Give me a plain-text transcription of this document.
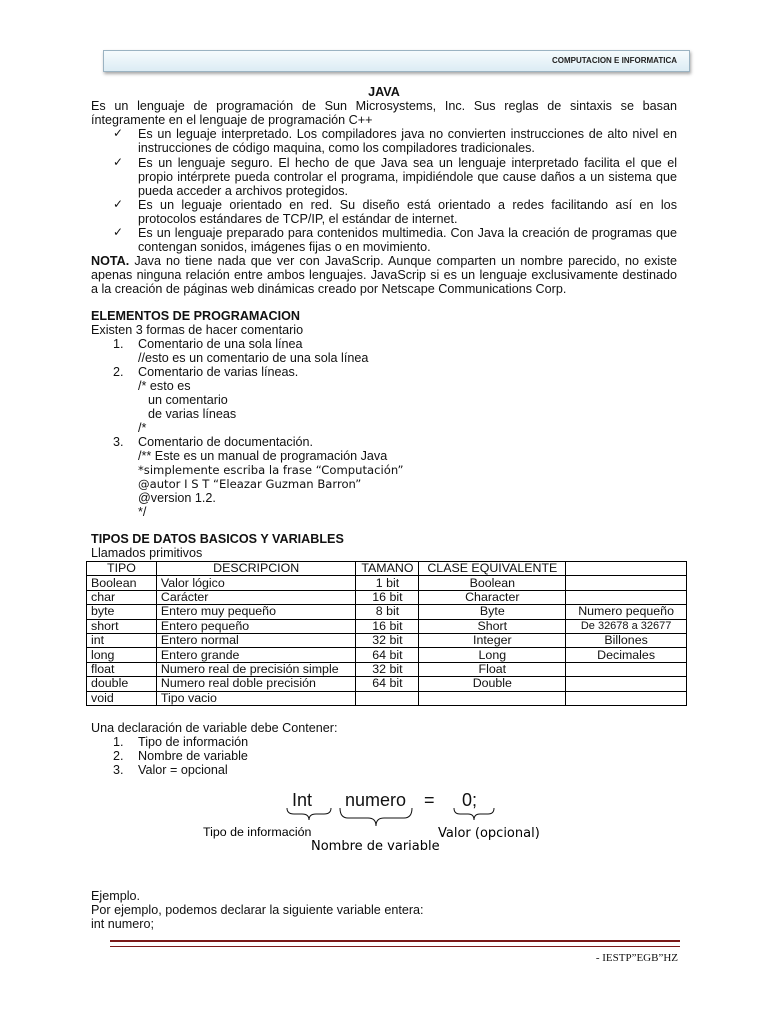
COMPUTACION E INFORMATICA
JAVA
Es un lenguaje de programación de Sun Microsystems, Inc. Sus reglas de sintaxis se basan íntegramente en el lenguaje de programación C++
✓ Es un leguaje interpretado. Los compiladores java no convierten instrucciones de alto nivel en instrucciones de código maquina, como los compiladores tradicionales.
✓ Es un lenguaje seguro. El hecho de que Java sea un lenguaje interpretado facilita el que el propio intérprete pueda controlar el programa, impidiéndole que cause daños a un sistema que pueda acceder a archivos protegidos.
✓ Es un leguaje orientado en red. Su diseño está orientado a redes facilitando así en los protocolos estándares de TCP/IP, el estándar de internet.
✓ Es un lenguaje preparado para contenidos multimedia. Con Java la creación de programas que contengan sonidos, imágenes fijas o en movimiento.
NOTA. Java no tiene nada que ver con JavaScrip. Aunque comparten un nombre parecido, no existe apenas ninguna relación entre ambos lenguajes. JavaScrip si es un lenguaje exclusivamente destinado a la creación de páginas web dinámicas creado por Netscape Communications Corp.
ELEMENTOS DE PROGRAMACION
Existen 3 formas de hacer comentario
1. Comentario de una sola línea
//esto es un comentario de una sola línea
2. Comentario de varias líneas.
/* esto es
un comentario
de varias líneas
/*
3. Comentario de documentación.
/** Este es un manual de programación Java
*simplemente escriba la frase “Computación”
@autor I S T “Eleazar Guzman Barron”
@version 1.2.
*/
TIPOS DE DATOS BASICOS Y VARIABLES
Llamados primitivos
TIPO	DESCRIPCION	TAMANO	CLASE EQUIVALENTE	
Boolean	Valor lógico	1 bit	Boolean	
char	Carácter	16 bit	Character	
byte	Entero muy pequeño	8 bit	Byte	Numero pequeño
short	Entero pequeño	16 bit	Short	De 32678 a 32677
int	Entero normal	32 bit	Integer	Billones
long	Entero grande	64 bit	Long	Decimales
float	Numero real de precisión simple	32 bit	Float	
double	Numero real doble precisión	64 bit	Double	
void	Tipo vacio			
Una declaración de variable debe Contener:
1. Tipo de información
2. Nombre de variable
3. Valor = opcional
Int numero = 0;
Tipo de información
Nombre de variable
Valor (opcional)
Ejemplo.
Por ejemplo, podemos declarar la siguiente variable entera:
int numero;
- IESTP”EGB”HZ
